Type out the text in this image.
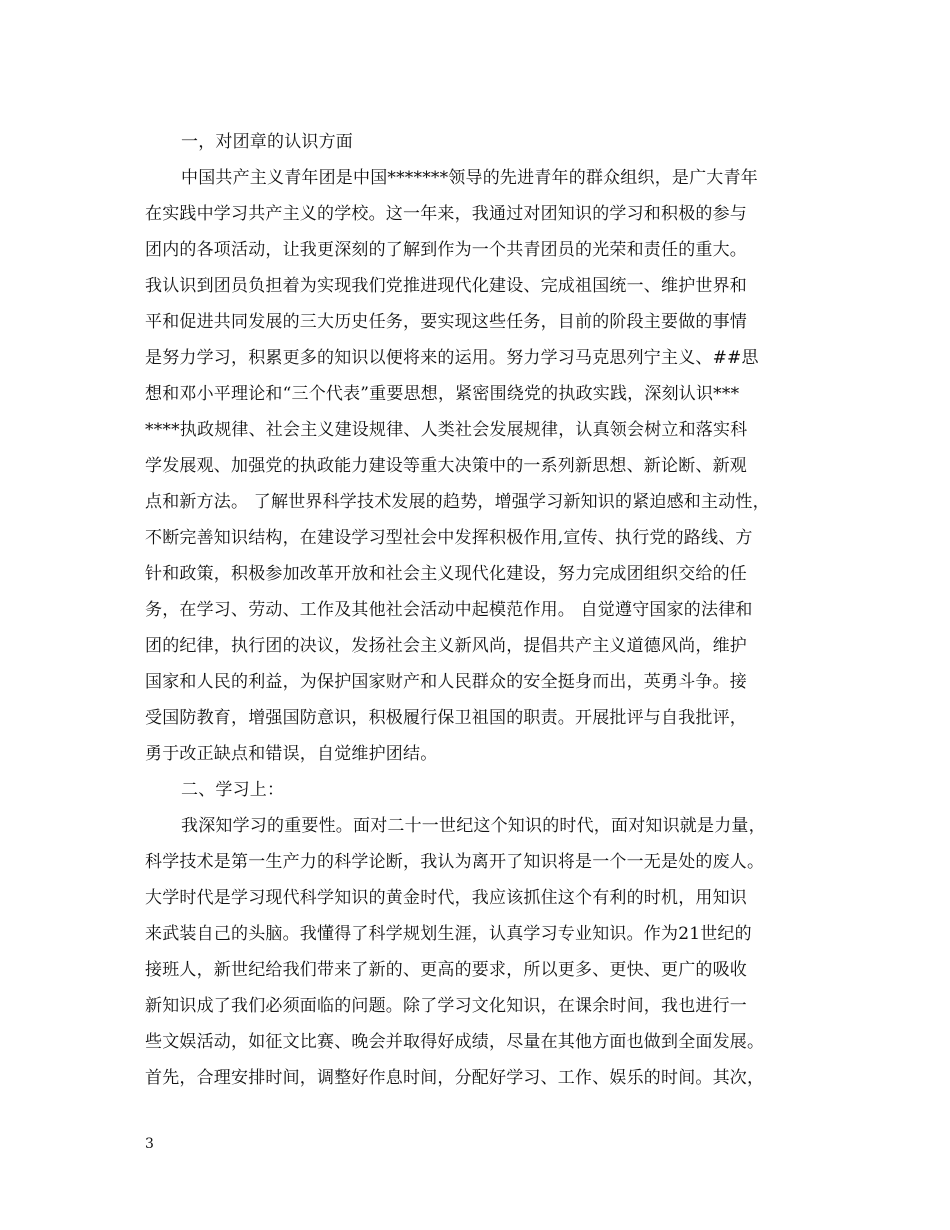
一，对团章的认识方面
中国共产主义青年团是中国*******领导的先进青年的群众组织，是广大青年
在实践中学习共产主义的学校。这一年来，我通过对团知识的学习和积极的参与
团内的各项活动，让我更深刻的了解到作为一个共青团员的光荣和责任的重大。
我认识到团员负担着为实现我们党推进现代化建设、完成祖国统一、维护世界和
平和促进共同发展的三大历史任务，要实现这些任务，目前的阶段主要做的事情
是努力学习，积累更多的知识以便将来的运用。努力学习马克思列宁主义、##思
想和邓小平理论和“三个代表”重要思想，紧密围绕党的执政实践，深刻认识***
****执政规律、社会主义建设规律、人类社会发展规律，认真领会树立和落实科
学发展观、加强党的执政能力建设等重大决策中的一系列新思想、新论断、新观
点和新方法。 了解世界科学技术发展的趋势，增强学习新知识的紧迫感和主动性，
不断完善知识结构，在建设学习型社会中发挥积极作用,宣传、执行党的路线、方
针和政策，积极参加改革开放和社会主义现代化建设，努力完成团组织交给的任
务，在学习、劳动、工作及其他社会活动中起模范作用。 自觉遵守国家的法律和
团的纪律，执行团的决议，发扬社会主义新风尚，提倡共产主义道德风尚，维护
国家和人民的利益，为保护国家财产和人民群众的安全挺身而出，英勇斗争。接
受国防教育，增强国防意识，积极履行保卫祖国的职责。开展批评与自我批评，
勇于改正缺点和错误，自觉维护团结。
二、学习上：
我深知学习的重要性。面对二十一世纪这个知识的时代，面对知识就是力量，
科学技术是第一生产力的科学论断，我认为离开了知识将是一个一无是处的废人。
大学时代是学习现代科学知识的黄金时代，我应该抓住这个有利的时机，用知识
来武装自己的头脑。我懂得了科学规划生涯，认真学习专业知识。作为21世纪的
接班人，新世纪给我们带来了新的、更高的要求，所以更多、更快、更广的吸收
新知识成了我们必须面临的问题。除了学习文化知识，在课余时间，我也进行一
些文娱活动，如征文比赛、晚会并取得好成绩，尽量在其他方面也做到全面发展。
首先，合理安排时间，调整好作息时间，分配好学习、工作、娱乐的时间。其次，
3
